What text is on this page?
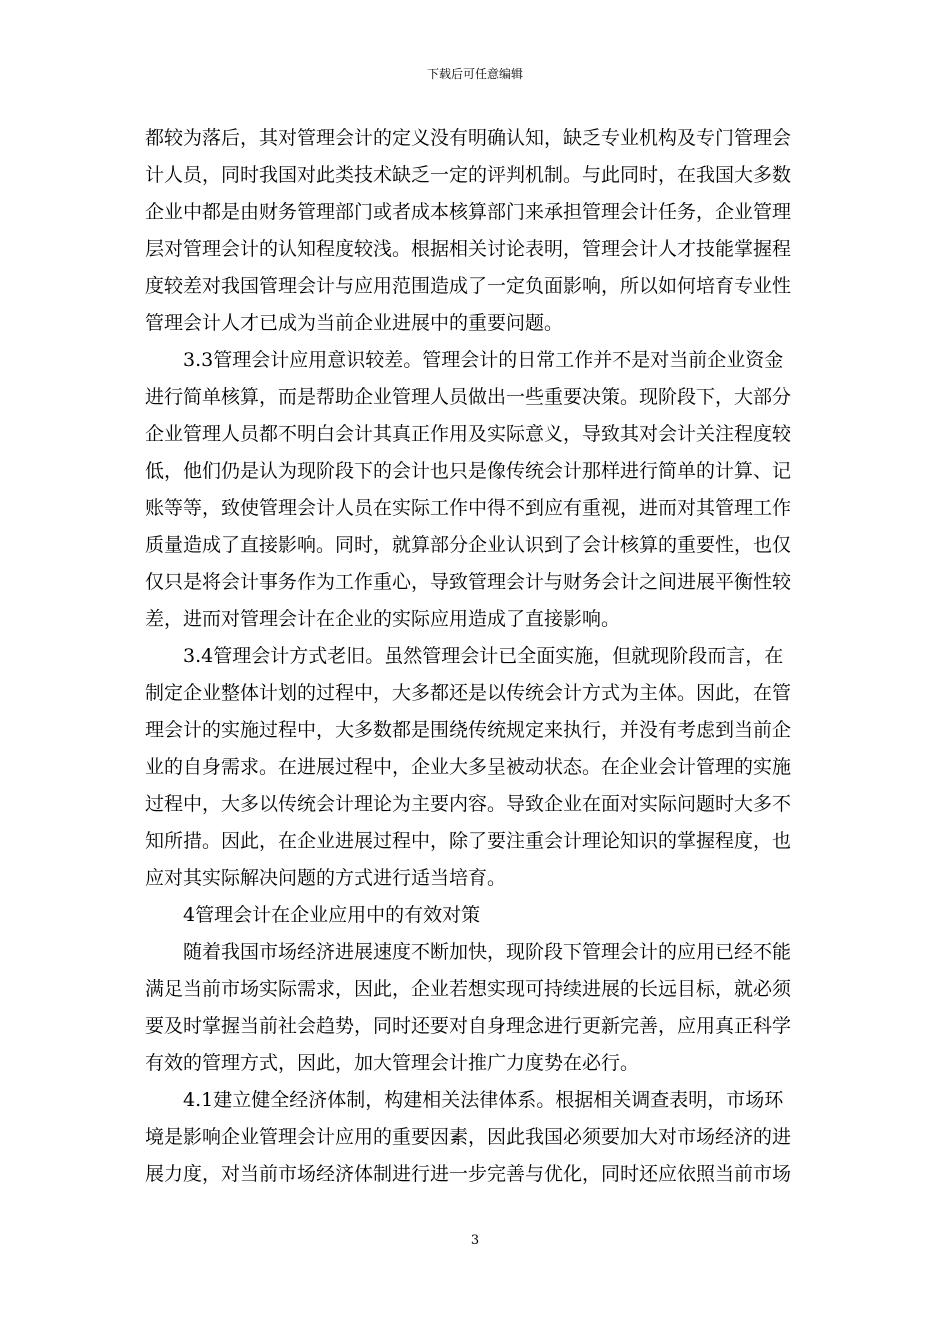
下载后可任意编辑
都较为落后，其对管理会计的定义没有明确认知，缺乏专业机构及专门管理会
计人员，同时我国对此类技术缺乏一定的评判机制。与此同时，在我国大多数
企业中都是由财务管理部门或者成本核算部门来承担管理会计任务，企业管理
层对管理会计的认知程度较浅。根据相关讨论表明，管理会计人才技能掌握程
度较差对我国管理会计与应用范围造成了一定负面影响，所以如何培育专业性
管理会计人才已成为当前企业进展中的重要问题。
3.3管理会计应用意识较差。管理会计的日常工作并不是对当前企业资金
进行简单核算，而是帮助企业管理人员做出一些重要决策。现阶段下，大部分
企业管理人员都不明白会计其真正作用及实际意义，导致其对会计关注程度较
低，他们仍是认为现阶段下的会计也只是像传统会计那样进行简单的计算、记
账等等，致使管理会计人员在实际工作中得不到应有重视，进而对其管理工作
质量造成了直接影响。同时，就算部分企业认识到了会计核算的重要性，也仅
仅只是将会计事务作为工作重心，导致管理会计与财务会计之间进展平衡性较
差，进而对管理会计在企业的实际应用造成了直接影响。
3.4管理会计方式老旧。虽然管理会计已全面实施，但就现阶段而言，在
制定企业整体计划的过程中，大多都还是以传统会计方式为主体。因此，在管
理会计的实施过程中，大多数都是围绕传统规定来执行，并没有考虑到当前企
业的自身需求。在进展过程中，企业大多呈被动状态。在企业会计管理的实施
过程中，大多以传统会计理论为主要内容。导致企业在面对实际问题时大多不
知所措。因此，在企业进展过程中，除了要注重会计理论知识的掌握程度，也
应对其实际解决问题的方式进行适当培育。
4管理会计在企业应用中的有效对策
随着我国市场经济进展速度不断加快，现阶段下管理会计的应用已经不能
满足当前市场实际需求，因此，企业若想实现可持续进展的长远目标，就必须
要及时掌握当前社会趋势，同时还要对自身理念进行更新完善，应用真正科学
有效的管理方式，因此，加大管理会计推广力度势在必行。
4.1建立健全经济体制，构建相关法律体系。根据相关调查表明，市场环
境是影响企业管理会计应用的重要因素，因此我国必须要加大对市场经济的进
展力度，对当前市场经济体制进行进一步完善与优化，同时还应依照当前市场
3
